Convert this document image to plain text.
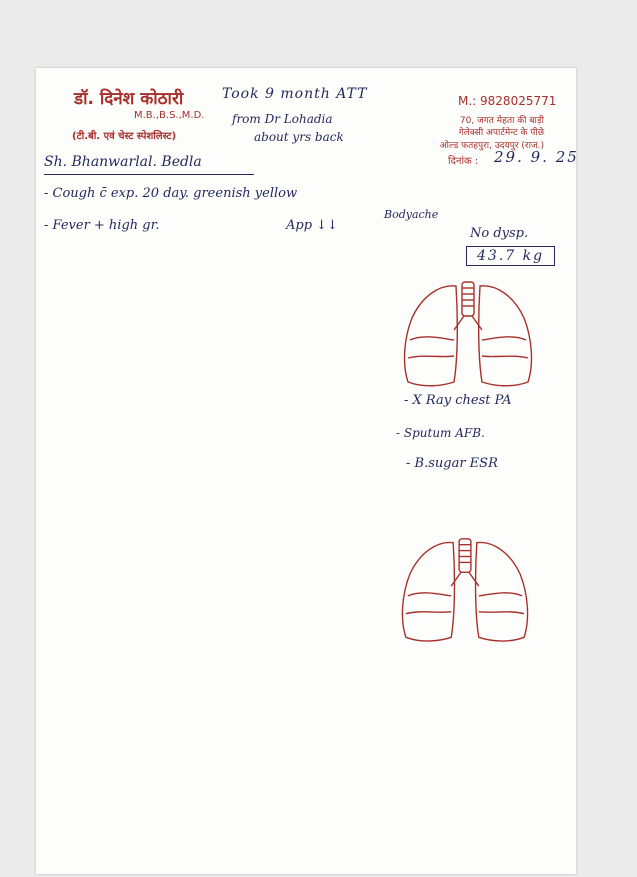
डॉ. दिनेश कोठारी
M.B.,B.S.,M.D.
(टी.बी. एवं चेस्ट स्पेशलिस्ट)
M.: 9828025771
70, जगत मेहता की बाड़ी
गेलेक्सी अपार्टमेन्ट के पीछे
ओल्ड फतहपुरा, उदयपुर (राज.)
दिनांक : 29. 9. 25
Took 9 month ATT
from Dr Lohadia
about yrs back
Sh. Bhanwarlal. Bedla
- Cough c̄ exp. 20 day. greenish yellow
- Fever + high gr.	App ↓↓
Bodyache
No dysp.
43.7 kg
- X Ray chest PA
- Sputum AFB.
- B.sugar ESR
